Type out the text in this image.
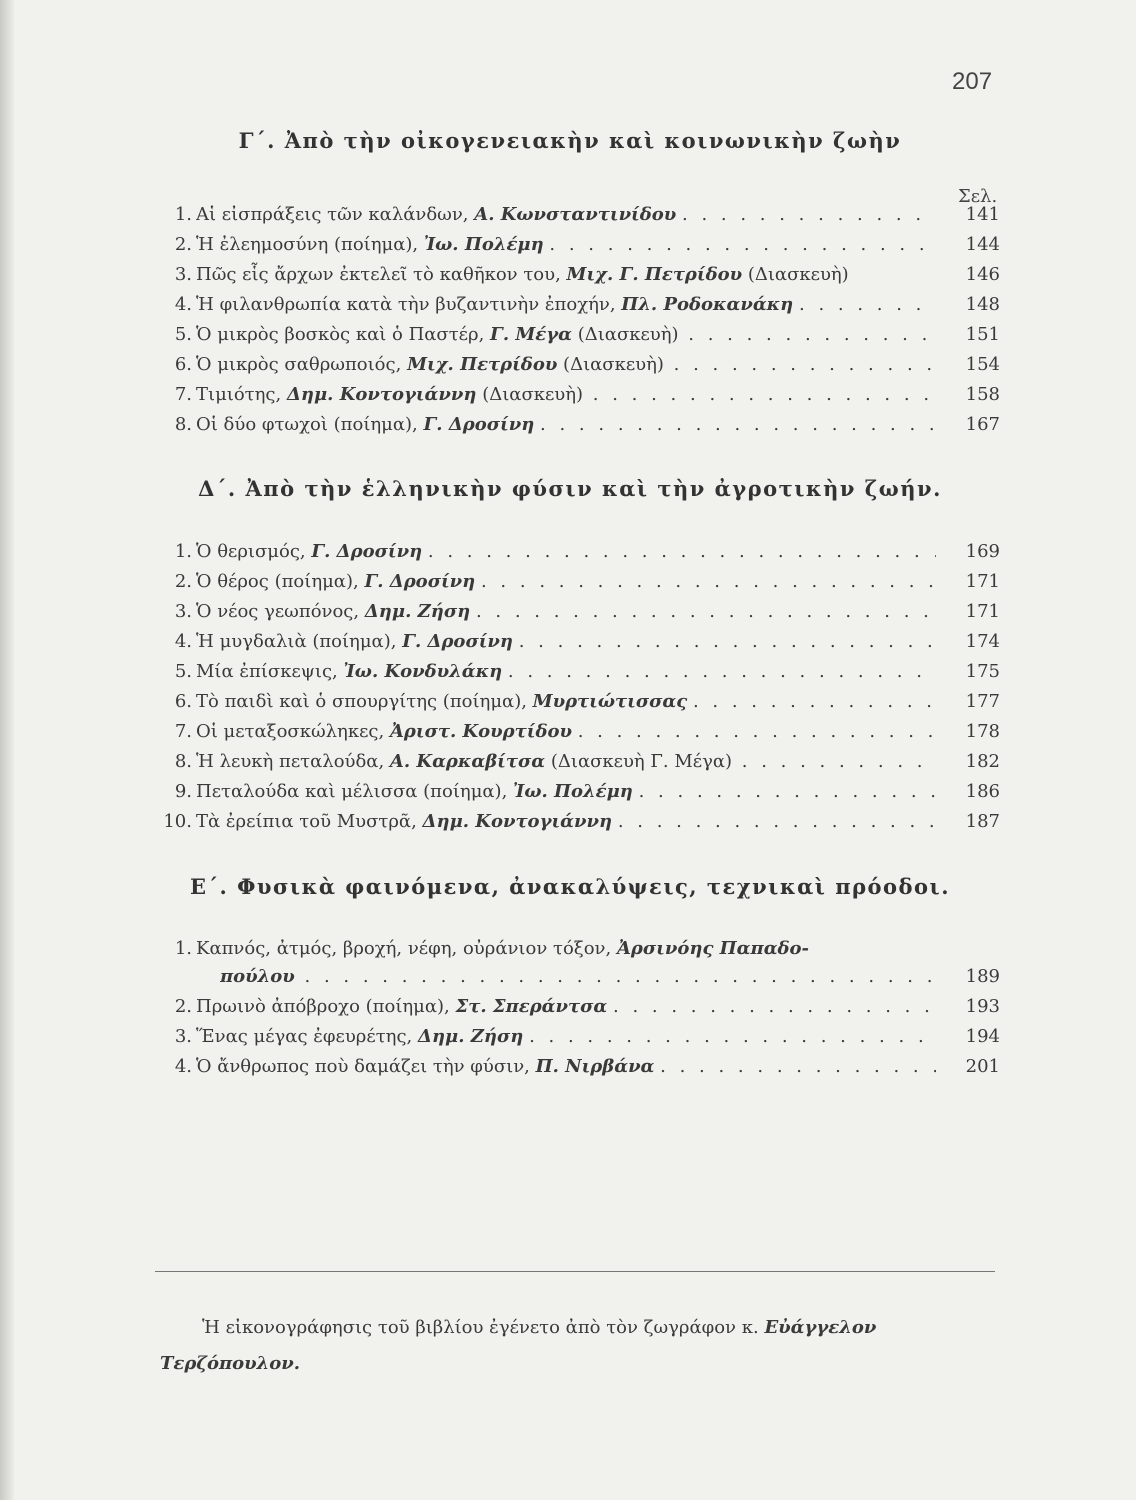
207
Γ΄. Ἀπὸ τὴν οἰκογενειακὴν καὶ κοινωνικὴν ζωὴν
Σελ.
1. Αἱ εἰσπράξεις τῶν καλάνδων, Α. Κωνσταντινίδου . . .	141
2. Ἡ ἐλεημοσύνη (ποίημα), Ἰω. Πολέμη . . .	144
3. Πῶς εἷς ἄρχων ἐκτελεῖ τὸ καθῆκον του, Μιχ. Γ. Πετρίδου (Διασκευὴ)	146
4. Ἡ φιλανθρωπία κατὰ τὴν βυζαντινὴν ἐποχήν, Πλ. Ροδοκανάκη . . .	148
5. Ὁ μικρὸς βοσκὸς καὶ ὁ Παστέρ, Γ. Μέγα (Διασκευὴ) . . .	151
6. Ὁ μικρὸς σαθρωποιός, Μιχ. Πετρίδου (Διασκευὴ) . . .	154
7. Τιμιότης, Δημ. Κοντογιάννη (Διασκευὴ) . . .	158
8. Οἱ δύο φτωχοὶ (ποίημα), Γ. Δροσίνη . . .	167
Δ΄. Ἀπὸ τὴν ἑλληνικὴν φύσιν καὶ τὴν ἀγροτικὴν ζωήν.
1. Ὁ θερισμός, Γ. Δροσίνη . . .	169
2. Ὁ θέρος (ποίημα), Γ. Δροσίνη . . .	171
3. Ὁ νέος γεωπόνος, Δημ. Ζήση . . .	171
4. Ἡ μυγδαλιὰ (ποίημα), Γ. Δροσίνη . . .	174
5. Μία ἐπίσκεψις, Ἰω. Κονδυλάκη . . .	175
6. Τὸ παιδὶ καὶ ὁ σπουργίτης (ποίημα), Μυρτιώτισσας . . .	177
7. Οἱ μεταξοσκώληκες, Ἀριστ. Κουρτίδου . . .	178
8. Ἡ λευκὴ πεταλούδα, Α. Καρκαβίτσα (Διασκευὴ Γ. Μέγα) . . .	182
9. Πεταλούδα καὶ μέλισσα (ποίημα), Ἰω. Πολέμη . . .	186
10. Τὰ ἐρείπια τοῦ Μυστρᾶ, Δημ. Κοντογιάννη . . .	187
Ε΄. Φυσικὰ φαινόμενα, ἀνακαλύψεις, τεχνικαὶ πρόοδοι.
1. Καπνός, ἀτμός, βροχή, νέφη, οὐράνιον τόξον, Ἀρσινόης Παπαδο-
πούλου . . .	189
2. Πρωινὸ ἀπόβροχο (ποίημα), Στ. Σπεράντσα . . .	193
3. Ἕνας μέγας ἐφευρέτης, Δημ. Ζήση . . .	194
4. Ὁ ἄνθρωπος ποὺ δαμάζει τὴν φύσιν, Π. Νιρβάνα . . .	201
Ἡ εἰκονογράφησις τοῦ βιβλίου ἐγένετο ἀπὸ τὸν ζωγράφον κ. Εὐάγγελον Τερζόπουλον.
